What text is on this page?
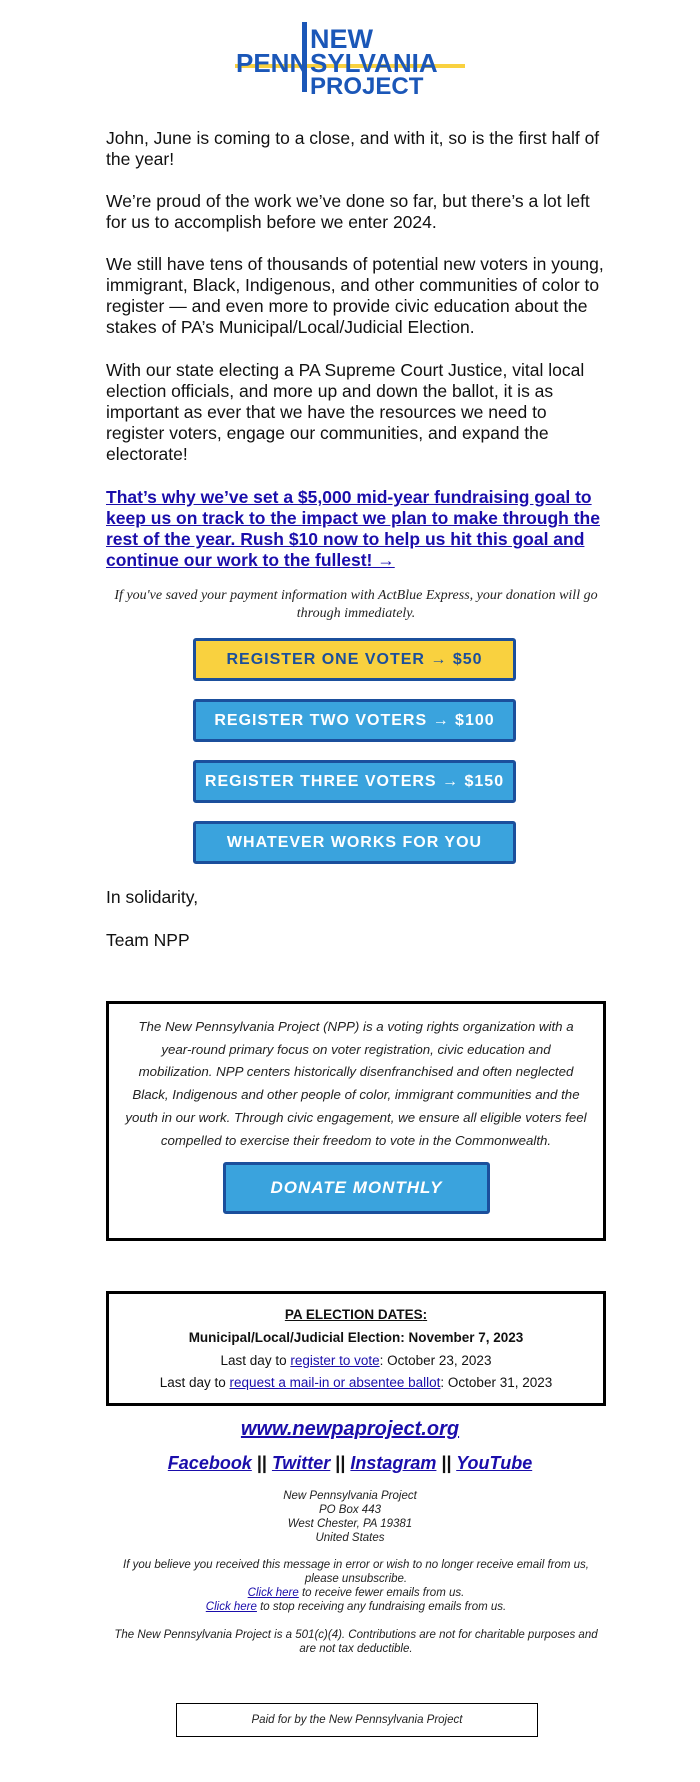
NEW
PENN SYLVANIA
PROJECT

John, June is coming to a close, and with it, so is the first half of the year!

We’re proud of the work we’ve done so far, but there’s a lot left for us to accomplish before we enter 2024.

We still have tens of thousands of potential new voters in young, immigrant, Black, Indigenous, and other communities of color to register — and even more to provide civic education about the stakes of PA’s Municipal/Local/Judicial Election.

With our state electing a PA Supreme Court Justice, vital local election officials, and more up and down the ballot, it is as important as ever that we have the resources we need to register voters, engage our communities, and expand the electorate!

That’s why we’ve set a $5,000 mid-year fundraising goal to keep us on track to the impact we plan to make through the rest of the year. Rush $10 now to help us hit this goal and continue our work to the fullest! →

If you've saved your payment information with ActBlue Express, your donation will go through immediately.
REGISTER ONE VOTER → $50
REGISTER TWO VOTERS → $100
REGISTER THREE VOTERS → $150
WHATEVER WORKS FOR YOU

In solidarity,

Team NPP

The New Pennsylvania Project (NPP) is a voting rights organization with a year-round primary focus on voter registration, civic education and mobilization. NPP centers historically disenfranchised and often neglected Black, Indigenous and other people of color, immigrant communities and the youth in our work. Through civic engagement, we ensure all eligible voters feel compelled to exercise their freedom to vote in the Commonwealth.
DONATE MONTHLY
PA ELECTION DATES:
Municipal/Local/Judicial Election: November 7, 2023
Last day to register to vote: October 23, 2023
Last day to request a mail-in or absentee ballot: October 31, 2023
www.newpaproject.org
Facebook || Twitter || Instagram || YouTube
New Pennsylvania Project
PO Box 443
West Chester, PA 19381
United States
If you believe you received this message in error or wish to no longer receive email from us, please unsubscribe.
Click here to receive fewer emails from us.
Click here to stop receiving any fundraising emails from us.
The New Pennsylvania Project is a 501(c)(4). Contributions are not for charitable purposes and are not tax deductible.
Paid for by the New Pennsylvania Project
